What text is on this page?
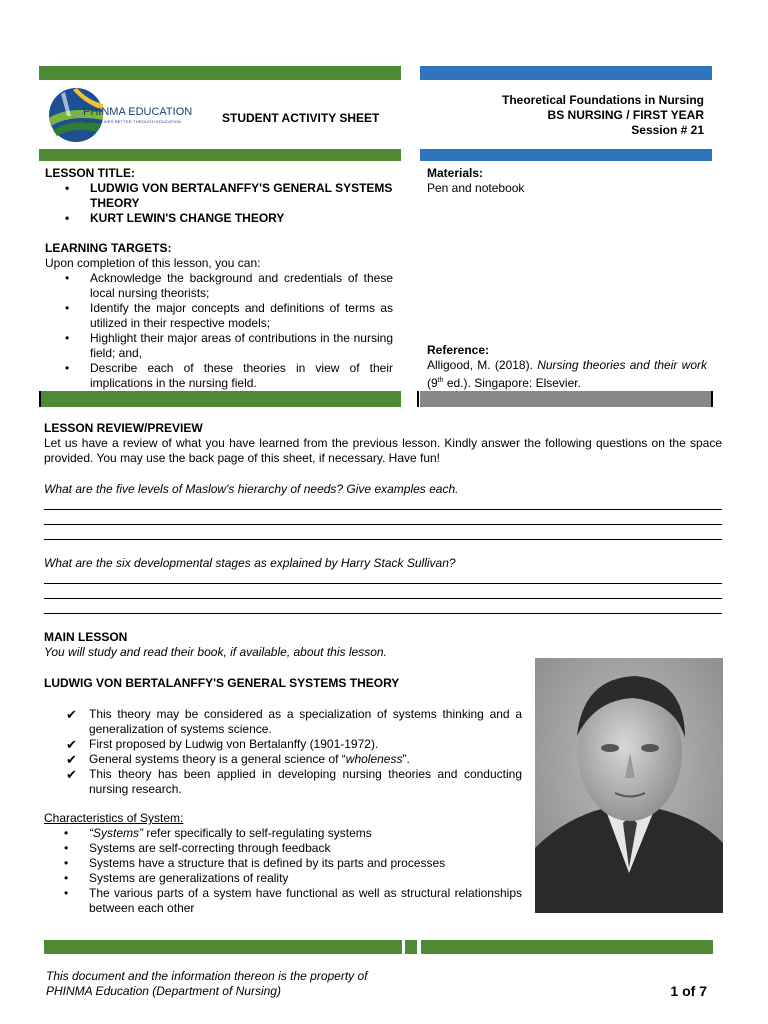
PHINMA EDUCATION
MAKING LIVES BETTER THROUGH EDUCATION	STUDENT ACTIVITY SHEET
Theoretical Foundations in Nursing
BS NURSING / FIRST YEAR
Session # 21
LESSON TITLE:
• LUDWIG VON BERTALANFFY'S GENERAL SYSTEMS THEORY
• KURT LEWIN'S CHANGE THEORY
LEARNING TARGETS:
Upon completion of this lesson, you can:
• Acknowledge the background and credentials of these local nursing theorists;
• Identify the major concepts and definitions of terms as utilized in their respective models;
• Highlight their major areas of contributions in the nursing field; and,
• Describe each of these theories in view of their implications in the nursing field.
Materials:
Pen and notebook
Reference:
Alligood, M. (2018). Nursing theories and their work (9th ed.). Singapore: Elsevier.
LESSON REVIEW/PREVIEW
Let us have a review of what you have learned from the previous lesson. Kindly answer the following questions on the space provided. You may use the back page of this sheet, if necessary. Have fun!
What are the five levels of Maslow's hierarchy of needs? Give examples each.
What are the six developmental stages as explained by Harry Stack Sullivan?
MAIN LESSON
You will study and read their book, if available, about this lesson.
LUDWIG VON BERTALANFFY'S GENERAL SYSTEMS THEORY
✔ This theory may be considered as a specialization of systems thinking and a generalization of systems science.
✔ First proposed by Ludwig von Bertalanffy (1901-1972).
✔ General systems theory is a general science of “wholeness”.
✔ This theory has been applied in developing nursing theories and conducting nursing research.
Characteristics of System:
• “Systems” refer specifically to self-regulating systems
• Systems are self-correcting through feedback
• Systems have a structure that is defined by its parts and processes
• Systems are generalizations of reality
• The various parts of a system have functional as well as structural relationships between each other
This document and the information thereon is the property of
PHINMA Education (Department of Nursing)	1 of 7
